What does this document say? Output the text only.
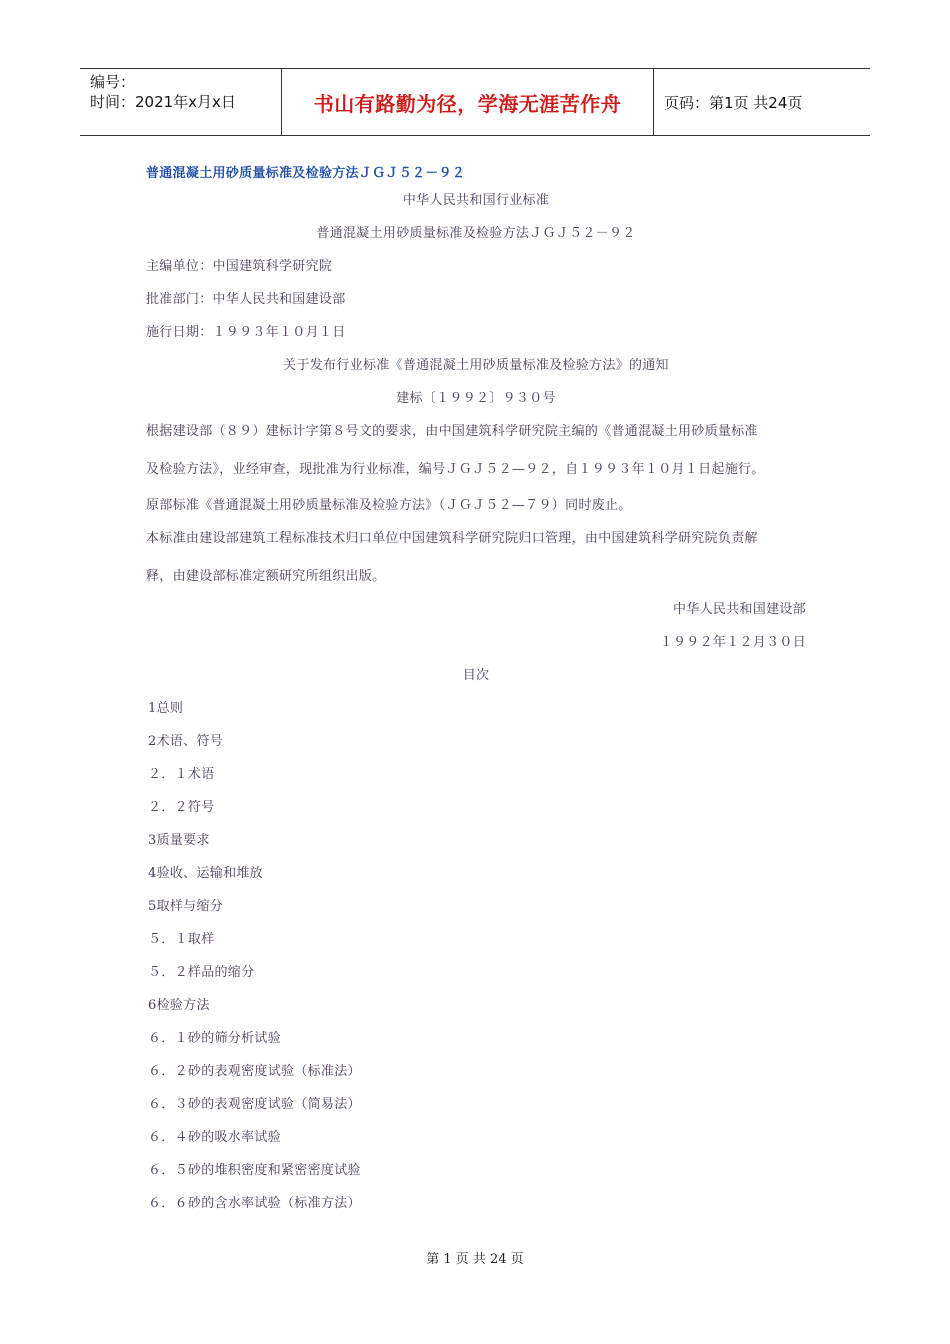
编号：
时间：2021年x月x日	书山有路勤为径，学海无涯苦作舟	页码：第1页 共24页
普通混凝土用砂质量标准及检验方法ＪＧＪ５２－９２
中华人民共和国行业标准
普通混凝土用砂质量标准及检验方法ＪＧＪ５２－９２
主编单位：中国建筑科学研究院
批准部门：中华人民共和国建设部
施行日期：１９９３年１０月１日
关于发布行业标准《普通混凝土用砂质量标准及检验方法》的通知
建标〔１９９２〕９３０号
根据建设部（８９）建标计字第８号文的要求，由中国建筑科学研究院主编的《普通混凝土用砂质量标准
及检验方法》，业经审查，现批准为行业标准，编号ＪＧＪ５２—９２，自１９９３年１０月１日起施行。
原部标准《普通混凝土用砂质量标准及检验方法》（ＪＧＪ５２—７９）同时废止。
本标准由建设部建筑工程标准技术归口单位中国建筑科学研究院归口管理，由中国建筑科学研究院负责解
释，由建设部标准定额研究所组织出版。
中华人民共和国建设部
１９９２年１２月３０日
目次
1总则
2术语、符号
２．１术语
２．２符号
3质量要求
4验收、运输和堆放
5取样与缩分
５．１取样
５．２样品的缩分
6检验方法
６．１砂的筛分析试验
６．２砂的表观密度试验（标准法）
６．３砂的表观密度试验（简易法）
６．４砂的吸水率试验
６．５砂的堆积密度和紧密密度试验
６．６砂的含水率试验（标准方法）
第 1 页 共 24 页
